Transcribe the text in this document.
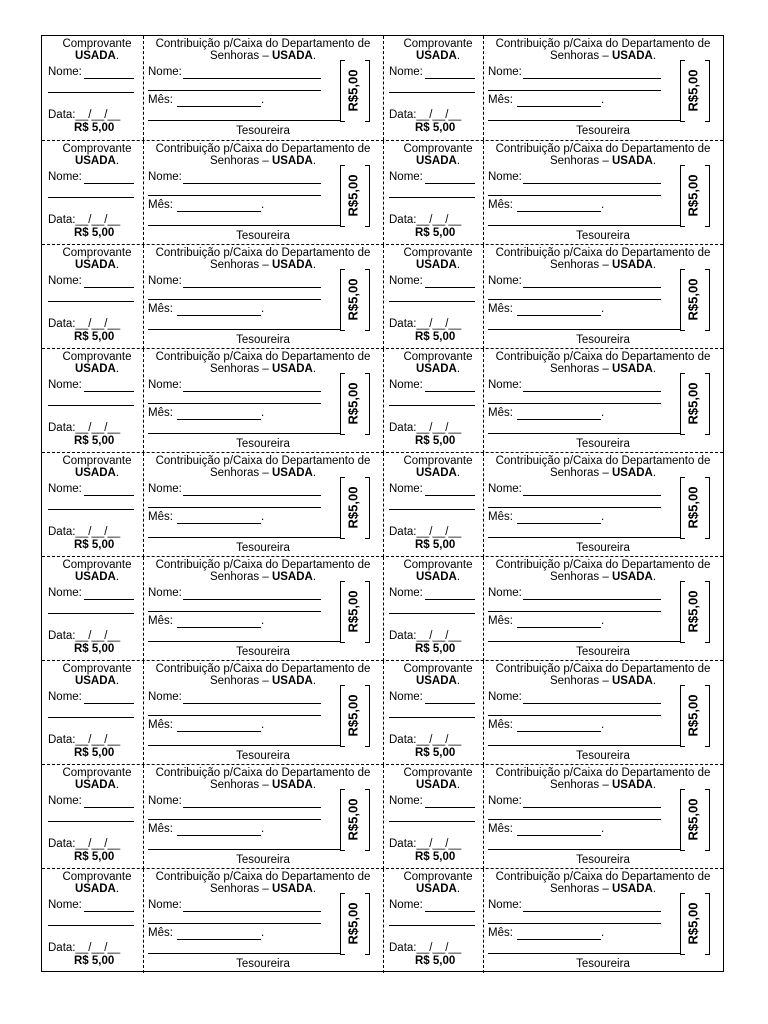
Comprovante
USADA.
Nome:
Data:__/__/__
R$ 5,00
Contribuição p/Caixa do Departamento de
Senhoras – USADA.
Nome:
Mês:	.	R$5,00
Tesoureira
Comprovante
USADA.
Nome:
Data:__/__/__
R$ 5,00
Contribuição p/Caixa do Departamento de
Senhoras – USADA.
Nome:
Mês:	.	R$5,00
Tesoureira
Comprovante
USADA.
Nome:
Data:__/__/__
R$ 5,00
Contribuição p/Caixa do Departamento de
Senhoras – USADA.
Nome:
Mês:	.	R$5,00
Tesoureira
Comprovante
USADA.
Nome:
Data:__/__/__
R$ 5,00
Contribuição p/Caixa do Departamento de
Senhoras – USADA.
Nome:
Mês:	.	R$5,00
Tesoureira
Comprovante
USADA.
Nome:
Data:__/__/__
R$ 5,00
Contribuição p/Caixa do Departamento de
Senhoras – USADA.
Nome:
Mês:	.	R$5,00
Tesoureira
Comprovante
USADA.
Nome:
Data:__/__/__
R$ 5,00
Contribuição p/Caixa do Departamento de
Senhoras – USADA.
Nome:
Mês:	.	R$5,00
Tesoureira
Comprovante
USADA.
Nome:
Data:__/__/__
R$ 5,00
Contribuição p/Caixa do Departamento de
Senhoras – USADA.
Nome:
Mês:	.	R$5,00
Tesoureira
Comprovante
USADA.
Nome:
Data:__/__/__
R$ 5,00
Contribuição p/Caixa do Departamento de
Senhoras – USADA.
Nome:
Mês:	.	R$5,00
Tesoureira
Comprovante
USADA.
Nome:
Data:__/__/__
R$ 5,00
Contribuição p/Caixa do Departamento de
Senhoras – USADA.
Nome:
Mês:	.	R$5,00
Tesoureira
Comprovante
USADA.
Nome:
Data:__/__/__
R$ 5,00
Contribuição p/Caixa do Departamento de
Senhoras – USADA.
Nome:
Mês:	.	R$5,00
Tesoureira
Comprovante
USADA.
Nome:
Data:__/__/__
R$ 5,00
Contribuição p/Caixa do Departamento de
Senhoras – USADA.
Nome:
Mês:	.	R$5,00
Tesoureira
Comprovante
USADA.
Nome:
Data:__/__/__
R$ 5,00
Contribuição p/Caixa do Departamento de
Senhoras – USADA.
Nome:
Mês:	.	R$5,00
Tesoureira
Comprovante
USADA.
Nome:
Data:__/__/__
R$ 5,00
Contribuição p/Caixa do Departamento de
Senhoras – USADA.
Nome:
Mês:	.	R$5,00
Tesoureira
Comprovante
USADA.
Nome:
Data:__/__/__
R$ 5,00
Contribuição p/Caixa do Departamento de
Senhoras – USADA.
Nome:
Mês:	.	R$5,00
Tesoureira
Comprovante
USADA.
Nome:
Data:__/__/__
R$ 5,00
Contribuição p/Caixa do Departamento de
Senhoras – USADA.
Nome:
Mês:	.	R$5,00
Tesoureira
Comprovante
USADA.
Nome:
Data:__/__/__
R$ 5,00
Contribuição p/Caixa do Departamento de
Senhoras – USADA.
Nome:
Mês:	.	R$5,00
Tesoureira
Comprovante
USADA.
Nome:
Data:__/__/__
R$ 5,00
Contribuição p/Caixa do Departamento de
Senhoras – USADA.
Nome:
Mês:	.	R$5,00
Tesoureira
Comprovante
USADA.
Nome:
Data:__/__/__
R$ 5,00
Contribuição p/Caixa do Departamento de
Senhoras – USADA.
Nome:
Mês:	.	R$5,00
Tesoureira
